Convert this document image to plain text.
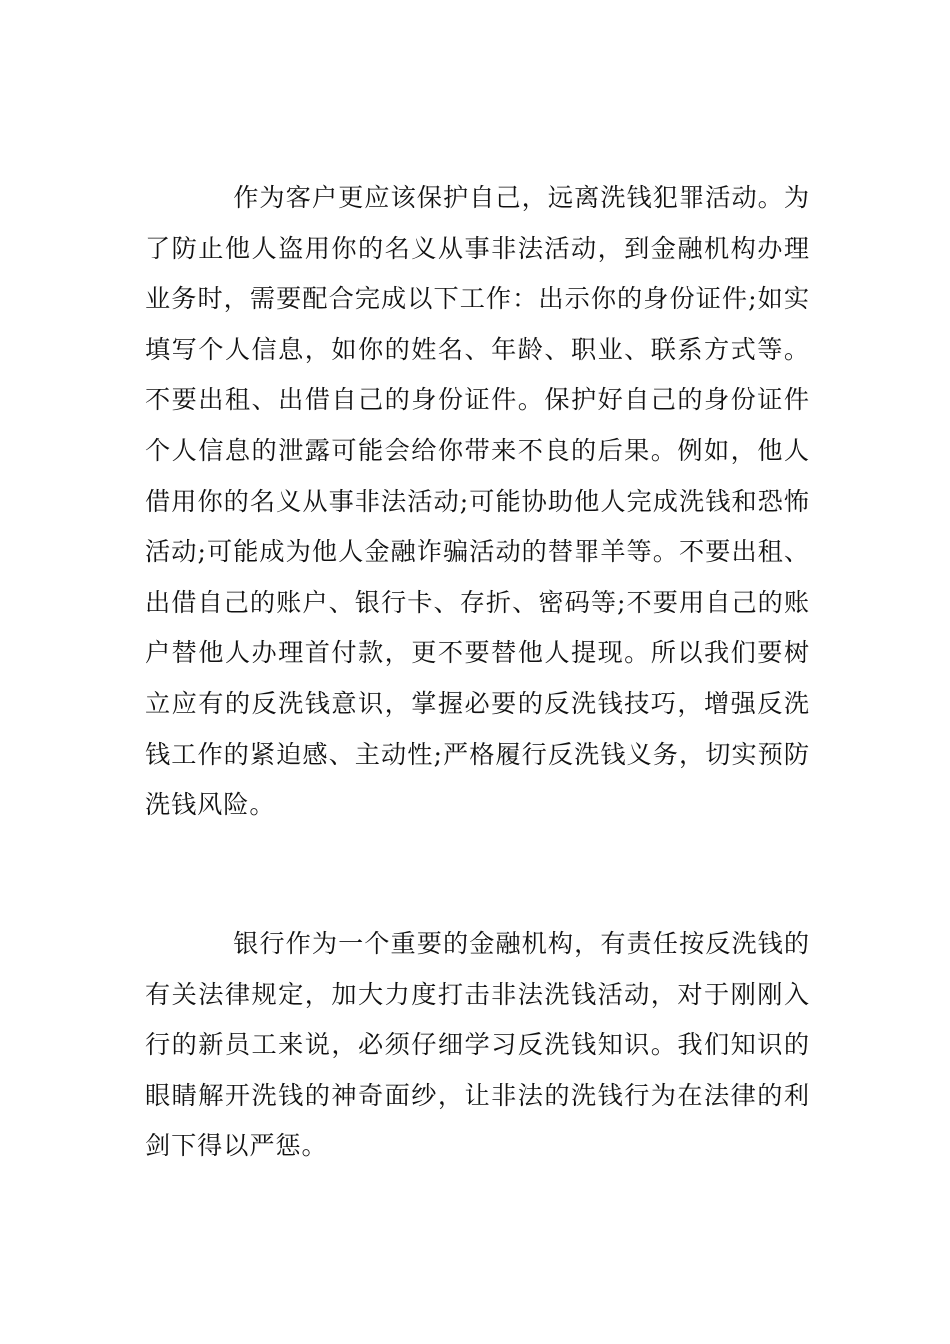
作为客户更应该保护自己，远离洗钱犯罪活动。为了防止他人盗用你的名义从事非法活动，到金融机构办理业务时，需要配合完成以下工作：出示你的身份证件;如实填写个人信息，如你的姓名、年龄、职业、联系方式等。不要出租、出借自己的身份证件。保护好自己的身份证件个人信息的泄露可能会给你带来不良的后果。例如，他人借用你的名义从事非法活动;可能协助他人完成洗钱和恐怖活动;可能成为他人金融诈骗活动的替罪羊等。不要出租、出借自己的账户、银行卡、存折、密码等;不要用自己的账户替他人办理首付款，更不要替他人提现。所以我们要树立应有的反洗钱意识，掌握必要的反洗钱技巧，增强反洗钱工作的紧迫感、主动性;严格履行反洗钱义务，切实预防洗钱风险。

银行作为一个重要的金融机构，有责任按反洗钱的有关法律规定，加大力度打击非法洗钱活动，对于刚刚入行的新员工来说，必须仔细学习反洗钱知识。我们知识的眼睛解开洗钱的神奇面纱，让非法的洗钱行为在法律的利剑下得以严惩。
